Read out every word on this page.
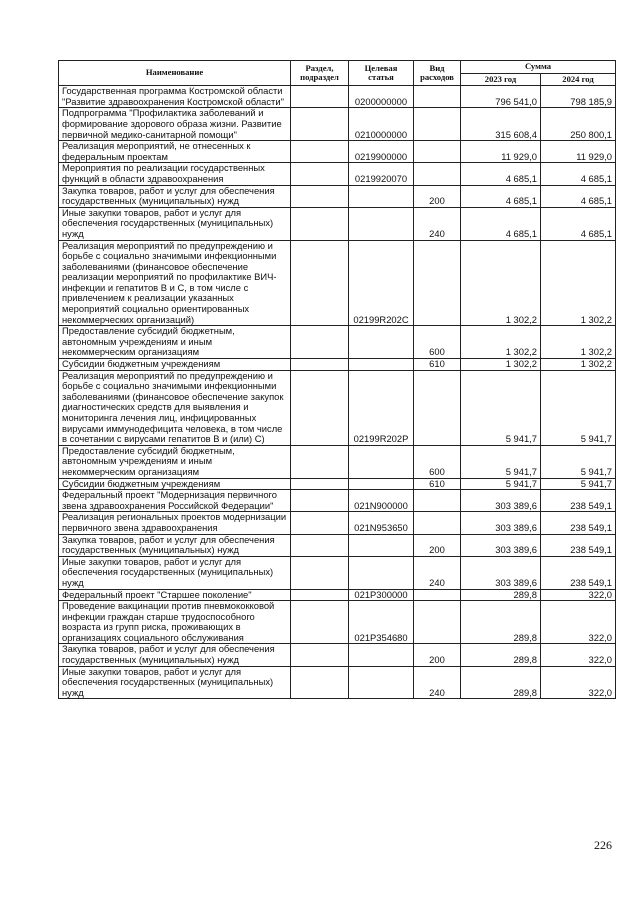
Наименование	Раздел, подраздел	Целевая статья	Вид расходов	Сумма	
				2023 год	2024 год
Государственная программа Костромской области "Развитие здравоохранения Костромской области"		0200000000		796 541,0	798 185,9
Подпрограмма "Профилактика заболеваний и формирование здорового образа жизни. Развитие первичной медико-санитарной помощи"		0210000000		315 608,4	250 800,1
Реализация мероприятий, не отнесенных к федеральным проектам		0219900000		11 929,0	11 929,0
Мероприятия по реализации государственных функций в области здравоохранения		0219920070		4 685,1	4 685,1
Закупка товаров, работ и услуг для обеспечения государственных (муниципальных) нужд			200	4 685,1	4 685,1
Иные закупки товаров, работ и услуг для обеспечения государственных (муниципальных) нужд			240	4 685,1	4 685,1
Реализация мероприятий по предупреждению и борьбе с социально значимыми инфекционными заболеваниями (финансовое обеспечение реализации мероприятий по профилактике ВИЧ- инфекции и гепатитов В и С, в том числе с привлечением к реализации указанных мероприятий социально ориентированных некоммерческих организаций)		02199R202C		1 302,2	1 302,2
Предоставление субсидий бюджетным, автономным учреждениям и иным некоммерческим организациям			600	1 302,2	1 302,2
Субсидии бюджетным учреждениям			610	1 302,2	1 302,2
Реализация мероприятий по предупреждению и борьбе с социально значимыми инфекционными заболеваниями (финансовое обеспечение закупок диагностических средств для выявления и мониторинга лечения лиц, инфицированных вирусами иммунодефицита человека, в том числе в сочетании с вирусами гепатитов В и (или) С)		02199R202P		5 941,7	5 941,7
Предоставление субсидий бюджетным, автономным учреждениям и иным некоммерческим организациям			600	5 941,7	5 941,7
Субсидии бюджетным учреждениям			610	5 941,7	5 941,7
Федеральный проект "Модернизация первичного звена здравоохранения Российской Федерации"		021N900000		303 389,6	238 549,1
Реализация региональных проектов модернизации первичного звена здравоохранения		021N953650		303 389,6	238 549,1
Закупка товаров, работ и услуг для обеспечения государственных (муниципальных) нужд			200	303 389,6	238 549,1
Иные закупки товаров, работ и услуг для обеспечения государственных (муниципальных) нужд			240	303 389,6	238 549,1
Федеральный проект "Старшее поколение"		021P300000		289,8	322,0
Проведение вакцинации против пневмококковой инфекции граждан старше трудоспособного возраста из групп риска, проживающих в организациях социального обслуживания		021P354680		289,8	322,0
Закупка товаров, работ и услуг для обеспечения государственных (муниципальных) нужд			200	289,8	322,0
Иные закупки товаров, работ и услуг для обеспечения государственных (муниципальных) нужд			240	289,8	322,0
226
